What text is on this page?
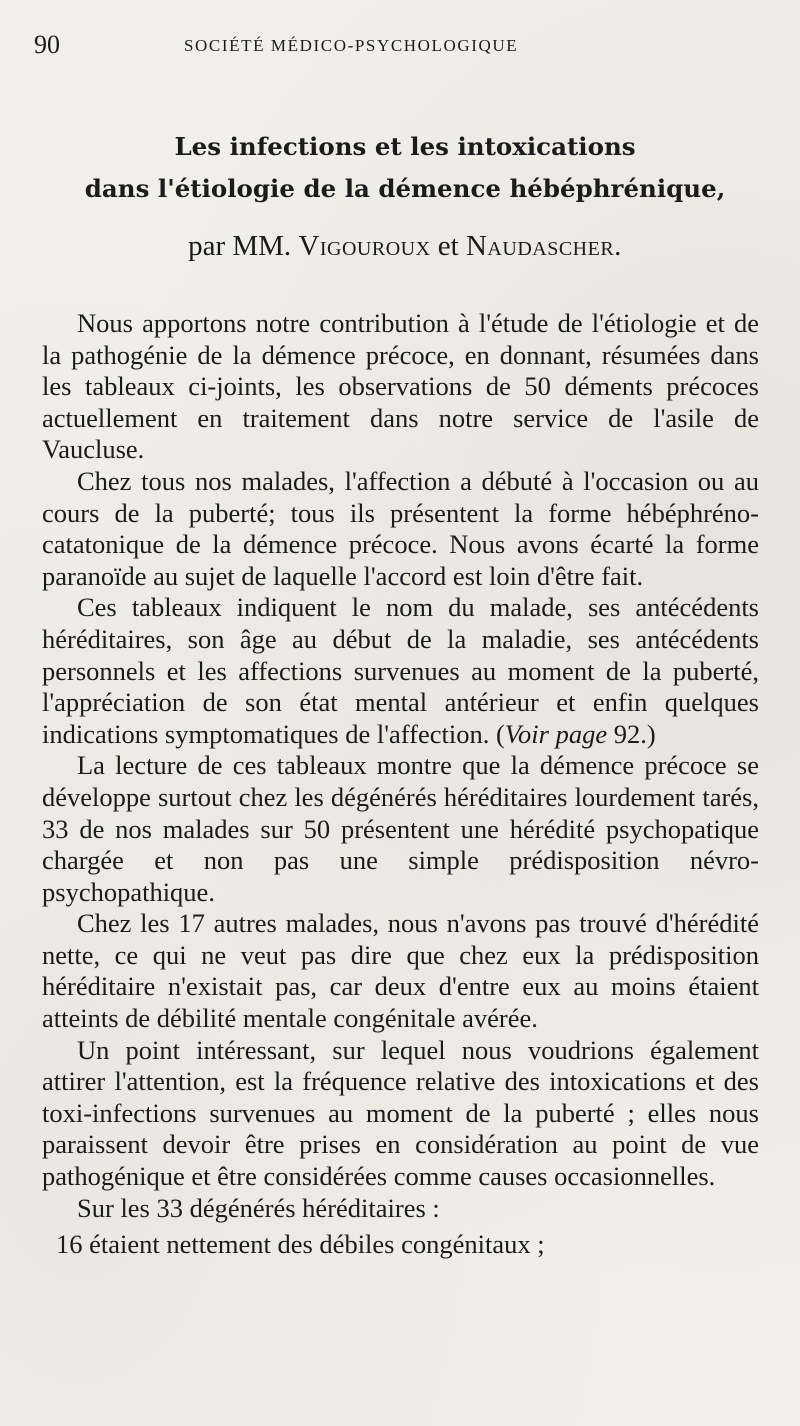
90	SOCIÉTÉ MÉDICO-PSYCHOLOGIQUE
Les infections et les intoxications
dans l'étiologie de la démence hébéphrénique,
par MM. Vigouroux et Naudascher.

Nous apportons notre contribution à l'étude de l'étiologie et de la pathogénie de la démence précoce, en donnant, résumées dans les tableaux ci-joints, les observations de 50 déments précoces actuellement en traitement dans notre service de l'asile de Vaucluse.

Chez tous nos malades, l'affection a débuté à l'occasion ou au cours de la puberté; tous ils présentent la forme hébéphréno-catatonique de la démence précoce. Nous avons écarté la forme paranoïde au sujet de laquelle l'accord est loin d'être fait.

Ces tableaux indiquent le nom du malade, ses antécédents héréditaires, son âge au début de la maladie, ses antécédents personnels et les affections survenues au moment de la puberté, l'appréciation de son état mental antérieur et enfin quelques indications symptomatiques de l'affection. (Voir page 92.)

La lecture de ces tableaux montre que la démence précoce se développe surtout chez les dégénérés héréditaires lourdement tarés, 33 de nos malades sur 50 présentent une hérédité psychopatique chargée et non pas une simple prédisposition névro-psychopathique.

Chez les 17 autres malades, nous n'avons pas trouvé d'hérédité nette, ce qui ne veut pas dire que chez eux la prédisposition héréditaire n'existait pas, car deux d'entre eux au moins étaient atteints de débilité mentale congénitale avérée.

Un point intéressant, sur lequel nous voudrions également attirer l'attention, est la fréquence relative des intoxications et des toxi-infections survenues au moment de la puberté ; elles nous paraissent devoir être prises en considération au point de vue pathogénique et être considérées comme causes occasionnelles.

Sur les 33 dégénérés héréditaires :

16 étaient nettement des débiles congénitaux ;
